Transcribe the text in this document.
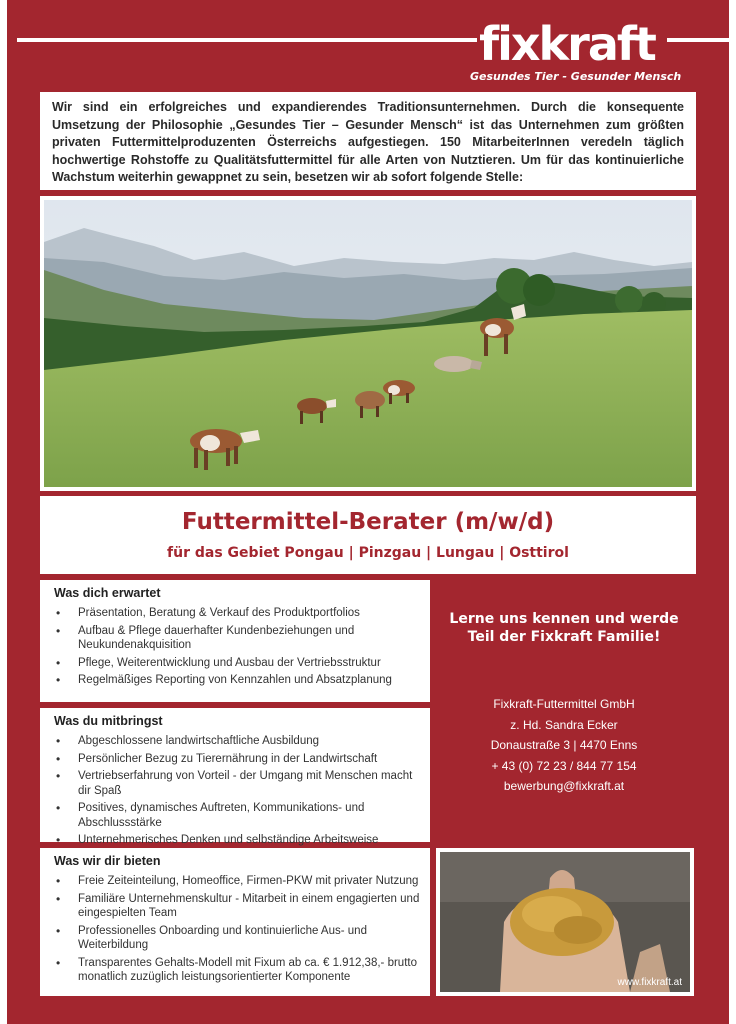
fixkraft
Gesundes Tier - Gesunder Mensch
Wir sind ein erfolgreiches und expandierendes Traditionsunternehmen. Durch die konsequente Umsetzung der Philosophie „Gesundes Tier – Gesunder Mensch“ ist das Unternehmen zum größten privaten Futtermittelproduzenten Österreichs aufgestiegen. 150 MitarbeiterInnen veredeln täglich hochwertige Rohstoffe zu Qualitätsfuttermittel für alle Arten von Nutztieren. Um für das kontinuierliche Wachstum weiterhin gewappnet zu sein, besetzen wir ab sofort folgende Stelle:
Futtermittel-Berater (m/w/d)
für das Gebiet Pongau | Pinzgau | Lungau | Osttirol
Was dich erwartet
• Präsentation, Beratung & Verkauf des Produktportfolios
• Aufbau & Pflege dauerhafter Kundenbeziehungen und Neukundenakquisition
• Pflege, Weiterentwicklung und Ausbau der Vertriebsstruktur
• Regelmäßiges Reporting von Kennzahlen und Absatzplanung
Was du mitbringst
• Abgeschlossene landwirtschaftliche Ausbildung
• Persönlicher Bezug zu Tierernährung in der Landwirtschaft
• Vertriebserfahrung von Vorteil - der Umgang mit Menschen macht dir Spaß
• Positives, dynamisches Auftreten, Kommunikations- und Abschlussstärke
• Unternehmerisches Denken und selbständige Arbeitsweise
Was wir dir bieten
• Freie Zeiteinteilung, Homeoffice, Firmen-PKW mit privater Nutzung
• Familiäre Unternehmenskultur - Mitarbeit in einem engagierten und eingespielten Team
• Professionelles Onboarding und kontinuierliche Aus- und Weiterbildung
• Transparentes Gehalts-Modell mit Fixum ab ca. € 1.912,38,- brutto monatlich zuzüglich leistungsorientierter Komponente

Lerne uns kennen und werde Teil der Fixkraft Familie!

Fixkraft-Futtermittel GmbH
z. Hd. Sandra Ecker
Donaustraße 3 | 4470 Enns
+ 43 (0) 72 23 / 844 77 154
bewerbung@fixkraft.at
www.fixkraft.at
